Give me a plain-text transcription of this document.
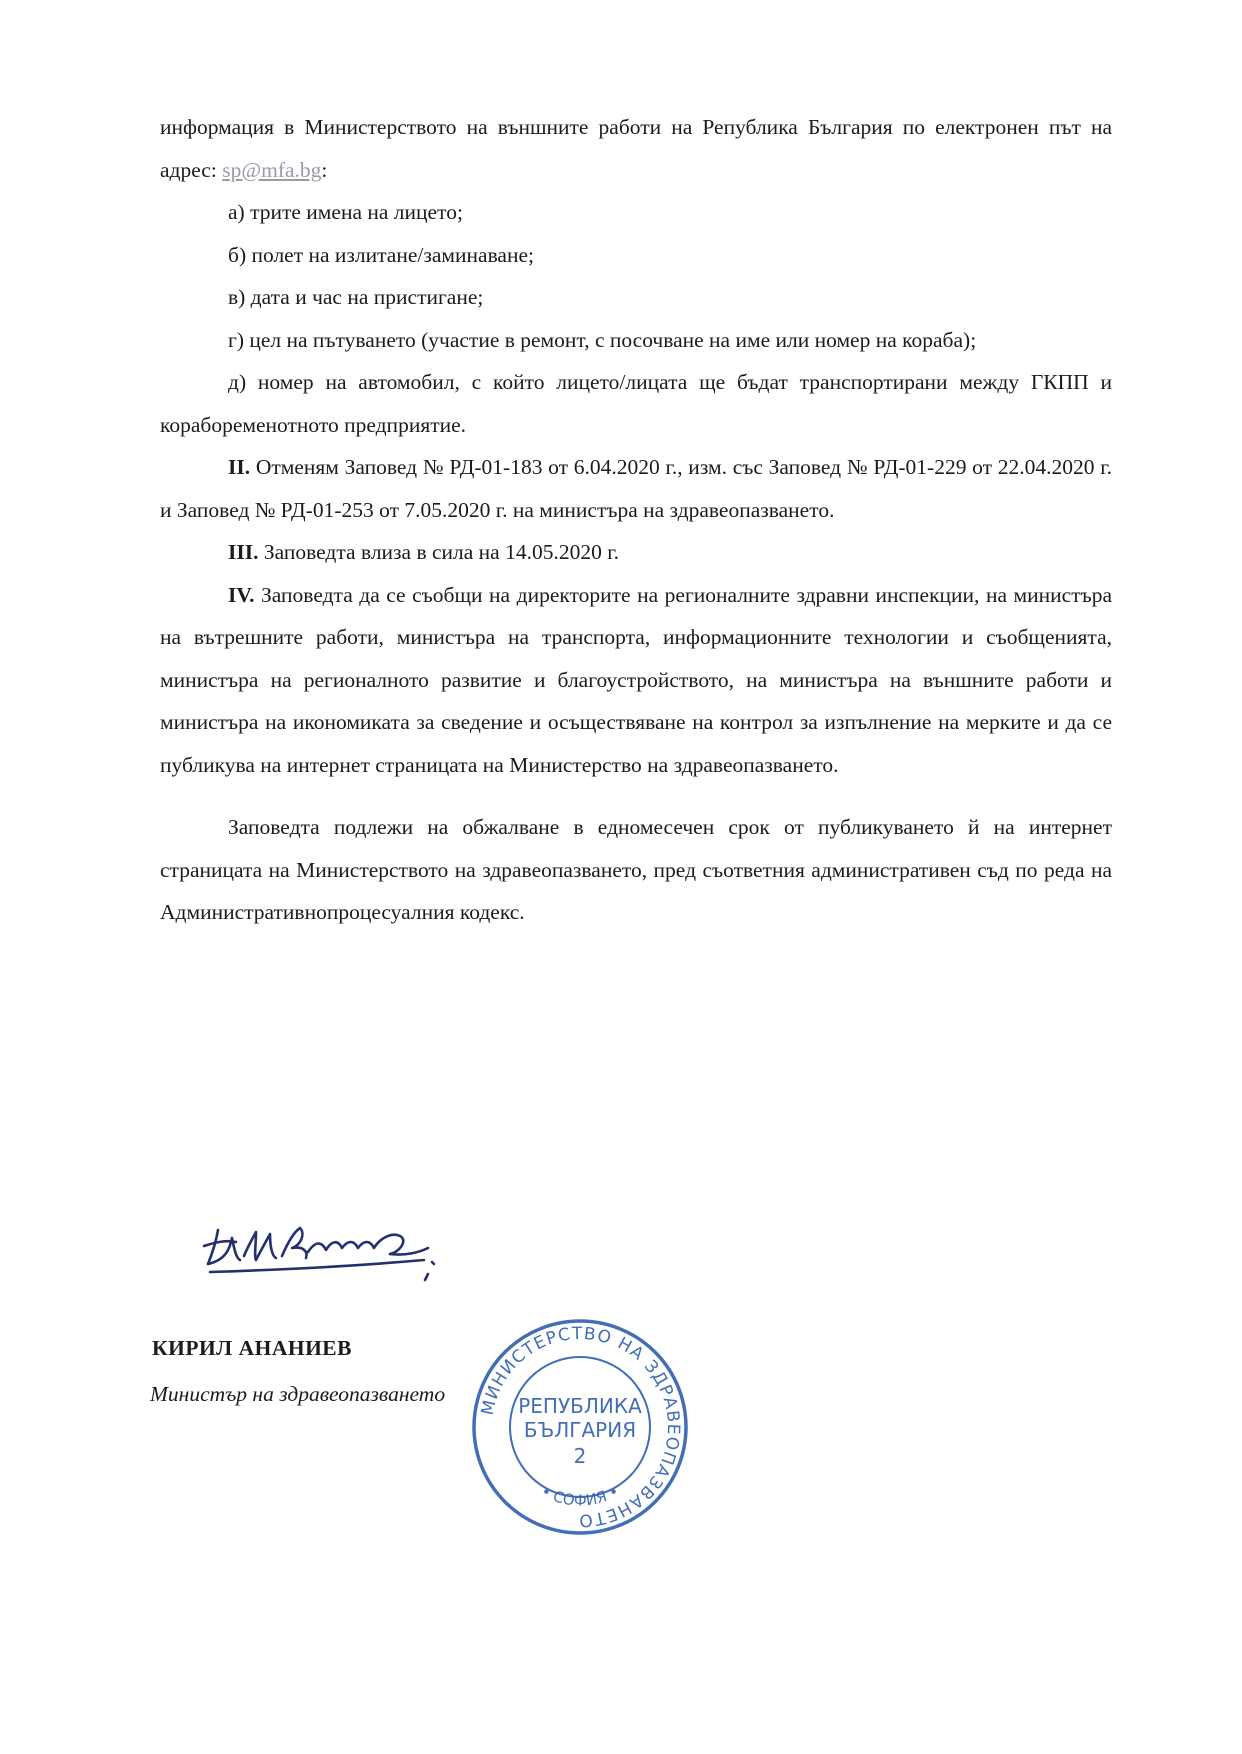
информация в Министерството на външните работи на Република България по електронен път на адрес: sp@mfa.bg:

а) трите имена на лицето;

б) полет на излитане/заминаване;

в) дата и час на пристигане;

г) цел на пътуването (участие в ремонт, с посочване на име или номер на кораба);

д) номер на автомобил, с който лицето/лицата ще бъдат транспортирани между ГКПП и корабоременотното предприятие.

II. Отменям Заповед № РД-01-183 от 6.04.2020 г., изм. със Заповед № РД-01-229 от 22.04.2020 г. и Заповед № РД-01-253 от 7.05.2020 г. на министъра на здравеопазването.

III. Заповедта влиза в сила на 14.05.2020 г.

IV. Заповедта да се съобщи на директорите на регионалните здравни инспекции, на министъра на вътрешните работи, министъра на транспорта, информационните технологии и съобщенията, министъра на регионалното развитие и благоустройството, на министъра на външните работи и министъра на икономиката за сведение и осъществяване на контрол за изпълнение на мерките и да се публикува на интернет страницата на Министерство на здравеопазването.

Заповедта подлежи на обжалване в едномесечен срок от публикуването й на интернет страницата на Министерството на здравеопазването, пред съответния административен съд по реда на Административнопроцесуалния кодекс.

КИРИЛ АНАНИЕВ
Министър на здравеопазването
МИНИСТЕРСТВО НА ЗДРАВЕОПАЗВАНЕТО
• СОФИЯ •
РЕПУБЛИКА
БЪЛГАРИЯ
2
